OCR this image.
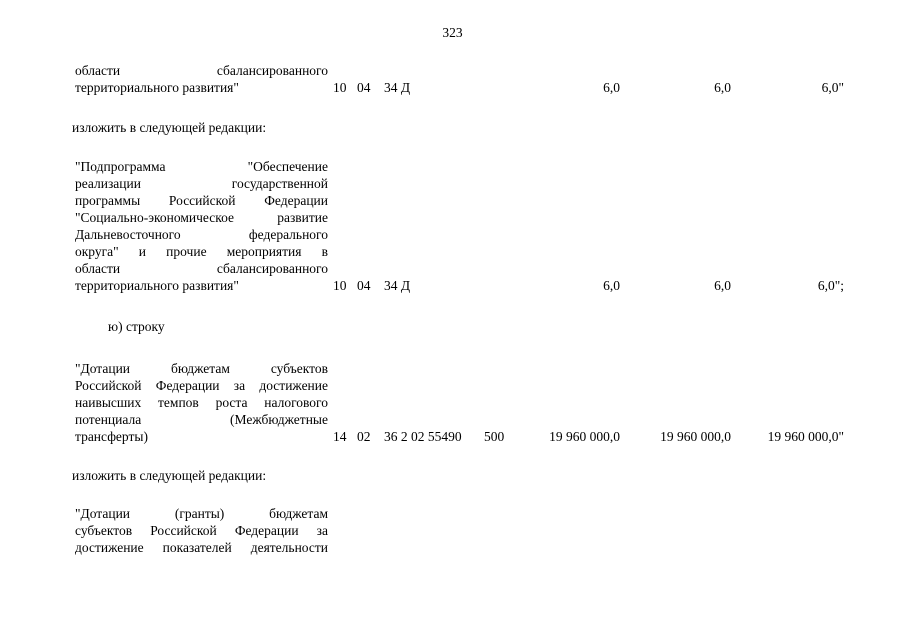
323
области сбалансированного
территориального развития"	10 04 34 Д	6,0	6,0	6,0"
изложить в следующей редакции:
"Подпрограмма "Обеспечение
реализации государственной
программы Российской Федерации
"Социально-экономическое развитие
Дальневосточного федерального
округа" и прочие мероприятия в
области сбалансированного
территориального развития"	10 04 34 Д	6,0	6,0	6,0";
ю) строку
"Дотации бюджетам субъектов
Российской Федерации за достижение
наивысших темпов роста налогового
потенциала (Межбюджетные
трансферты)	14 02 36 2 02 55490 500	19 960 000,0	19 960 000,0	19 960 000,0"
изложить в следующей редакции:
"Дотации (гранты) бюджетам
субъектов Российской Федерации за
достижение показателей деятельности
